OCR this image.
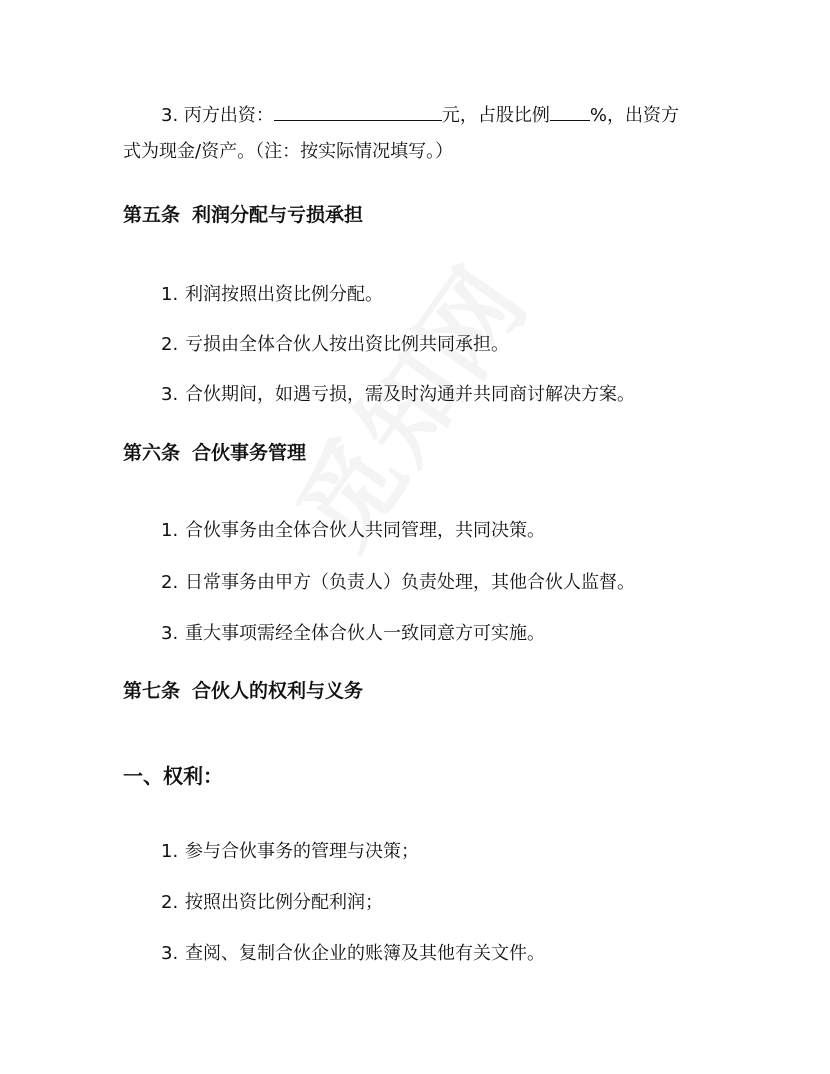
3. 丙方出资：	元，占股比例 %，出资方
式为现金/资产。（注：按实际情况填写。）

第五条 利润分配与亏损承担

1. 利润按照出资比例分配。

2. 亏损由全体合伙人按出资比例共同承担。

3. 合伙期间，如遇亏损，需及时沟通并共同商讨解决方案。

第六条 合伙事务管理

1. 合伙事务由全体合伙人共同管理，共同决策。

2. 日常事务由甲方（负责人）负责处理，其他合伙人监督。

3. 重大事项需经全体合伙人一致同意方可实施。

第七条 合伙人的权利与义务
一、权利：

1. 参与合伙事务的管理与决策；

2. 按照出资比例分配利润；

3. 查阅、复制合伙企业的账簿及其他有关文件。
